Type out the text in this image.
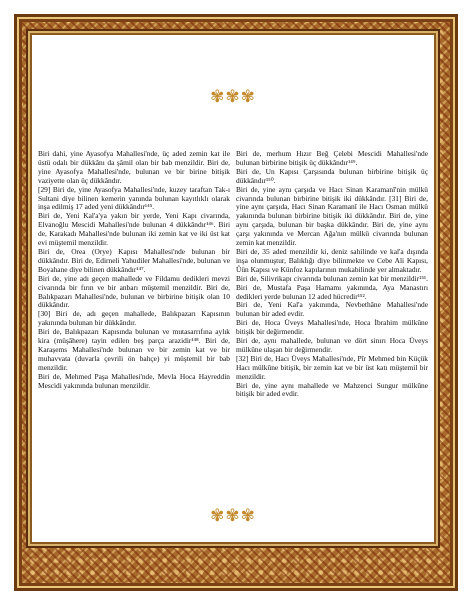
✾✾✾

Biri dahi, yine Ayasofya Mahallesi'nde, üç aded zemin kat ile üstü odalı bir dükkânı da şâmil olan bir bab menzildir. Biri de, yine Ayasofya Mahallesi'nde, bulunan ve bir birine bitişik vaziyette olan üç dükkândır.

[29] Biri de, yine Ayasofya Mahallesi'nde, kuzey taraftan Tak-ı Sultani diye bilinen kemerin yanında bulunan kayıtlıklı olarak inşa edilmiş 17 aded yeni dükkândır¹⁴⁵.

Biri de, Yeni Kal'a'ya yakın bir yerde, Yeni Kapı civarında, Elvanoğlu Mescidi Mahallesi'nde bulunan 4 dükkândır¹⁴⁶. Biri de, Karakadı Mahallesi'nde bulunan iki zemin kat ve iki üst kat evi müştemil menzildir.

Biri de, Orea (Orye) Kapısı Mahallesi'nde bulunan bir dükkândır. Biri de, Edirneli Yahudiler Mahallesi'nde, bulunan ve Boyahane diye bilinen dükkândır¹⁴⁷.

Biri de, yine adı geçen mahallede ve Fildamu dedikleri mevzi civarında bir fırın ve bir anbarı müştemil menzildir. Biri de, Balıkpazarı Mahallesi'nde, bulunan ve birbirine bitişik olan 10 dükkândır.

[30] Biri de, adı geçen mahallede, Balıkpazarı Kapısının yakınında bulunan bir dükkândır.

Biri de, Balıkpazarı Kapısında bulunan ve mutasarrıfına aylık kira (müşâhere) tayin edilen beş parça arazidir¹⁴⁸. Biri de, Karaşems Mahallesi'nde bulunan ve bir zemin kat ve bir muhavvata (duvarla çevrili ön bahçe) yi müştemil bir bab menzildir.

Biri de, Mehmed Paşa Mahallesi'nde, Mevla Hoca Hayreddin Mescidi yakınında bulunan menzildir.

Biri de, merhum Hızır Beğ Çelebi Mescidi Mahallesi'nde bulunan birbirine bitişik üç dükkândır¹⁴⁹.

Biri de, Un Kapısı Çarşısında bulunan birbirine bitişik üç dükkândır¹⁵⁰.

Biri de, yine aynı çarşıda ve Hacı Sinan Karamanî'nin mülkü civarında bulunan birbirine bitişik iki dükkândır. [31] Biri de, yine aynı çarşıda, Hacı Sinan Karamanî ile Hacı Osman mülkü yakınında bulunan birbirine bitişik iki dükkândır. Biri de, yine aynı çarşıda, bulunan bir başka dükkândır. Biri de, yine aynı çarşı yakınında ve Mercan Ağa'nın mülkü civarında bulunan zemin kat menzildir.

Biri de, 35 aded menzildir ki, deniz sahilinde ve kal'a dışında inşa olunmuştur, Balıklığı diye bilinmekte ve Cebe Ali Kapısı, Ûün Kapısı ve Künfoz kapılarının mukabilinde yer almaktadır.

Biri de, Silivrikapı civarında bulunan zemin kat bir menzildir¹⁵¹. Biri de, Mustafa Paşa Hamamı yakınında, Aya Manastırı dedikleri yerde bulunan 12 aded hücredir¹⁵².

Biri de, Yeni Kal'a yakınında, Nevbethâne Mahallesi'nde bulunan bir aded evdir.

Biri de, Hoca Üveys Mahallesi'nde, Hoca İbrahim mülkûne bitişik bir değirmendir.

Biri de, aynı mahallede, bulunan ve dört sinırı Hoca Üveys mülkûne ulaşan bir değirmendir.

[32] Biri de, Hacı Üveys Mahallesi'nde, Pîr Mehmed bin Küçük Hacı mülkûne bitişik, bir zemin kat ve bir üst katı müştemil bir menzildir.

Biri de, yine aynı mahallede ve Mahzenci Sungur mülkûne bitişik bir aded evdir.

✾✾✾
